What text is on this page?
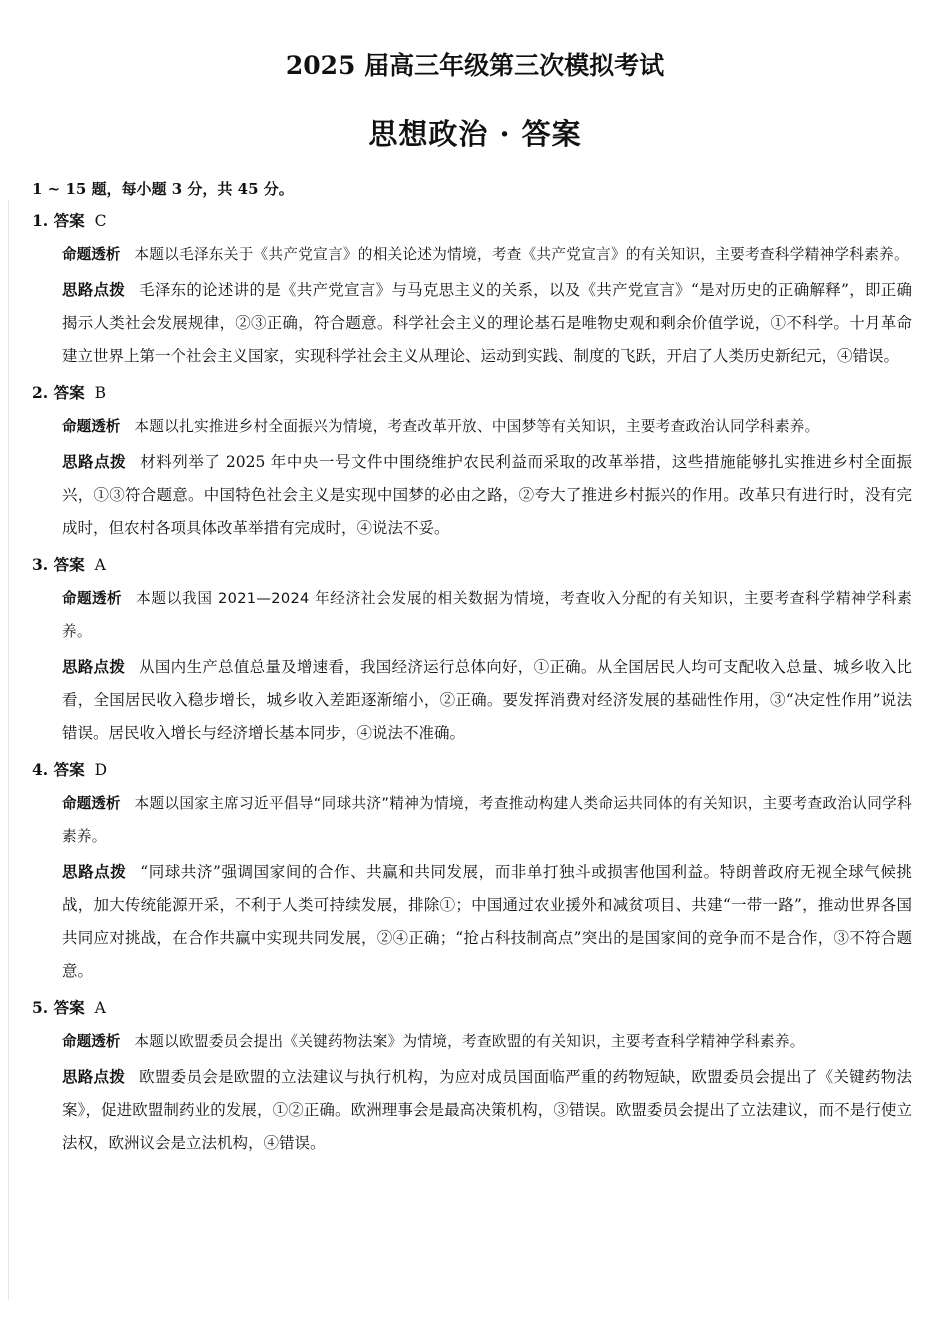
2025 届高三年级第三次模拟考试
思想政治 · 答案

1 ~ 15 题，每小题 3 分，共 45 分。

1. 答案 C

命题透析 本题以毛泽东关于《共产党宣言》的相关论述为情境，考查《共产党宣言》的有关知识，主要考查科学精神学科素养。

思路点拨 毛泽东的论述讲的是《共产党宣言》与马克思主义的关系，以及《共产党宣言》“是对历史的正确解释”，即正确揭示人类社会发展规律，②③正确，符合题意。科学社会主义的理论基石是唯物史观和剩余价值学说，①不科学。十月革命建立世界上第一个社会主义国家，实现科学社会主义从理论、运动到实践、制度的飞跃，开启了人类历史新纪元，④错误。

2. 答案 B

命题透析 本题以扎实推进乡村全面振兴为情境，考查改革开放、中国梦等有关知识，主要考查政治认同学科素养。

思路点拨 材料列举了 2025 年中央一号文件中围绕维护农民利益而采取的改革举措，这些措施能够扎实推进乡村全面振兴，①③符合题意。中国特色社会主义是实现中国梦的必由之路，②夸大了推进乡村振兴的作用。改革只有进行时，没有完成时，但农村各项具体改革举措有完成时，④说法不妥。

3. 答案 A

命题透析 本题以我国 2021—2024 年经济社会发展的相关数据为情境，考查收入分配的有关知识，主要考查科学精神学科素养。

思路点拨 从国内生产总值总量及增速看，我国经济运行总体向好，①正确。从全国居民人均可支配收入总量、城乡收入比看，全国居民收入稳步增长，城乡收入差距逐渐缩小，②正确。要发挥消费对经济发展的基础性作用，③“决定性作用”说法错误。居民收入增长与经济增长基本同步，④说法不准确。

4. 答案 D

命题透析 本题以国家主席习近平倡导“同球共济”精神为情境，考查推动构建人类命运共同体的有关知识，主要考查政治认同学科素养。

思路点拨 “同球共济”强调国家间的合作、共赢和共同发展，而非单打独斗或损害他国利益。特朗普政府无视全球气候挑战，加大传统能源开采，不利于人类可持续发展，排除①；中国通过农业援外和减贫项目、共建“一带一路”，推动世界各国共同应对挑战，在合作共赢中实现共同发展，②④正确；“抢占科技制高点”突出的是国家间的竞争而不是合作，③不符合题意。

5. 答案 A

命题透析 本题以欧盟委员会提出《关键药物法案》为情境，考查欧盟的有关知识，主要考查科学精神学科素养。

思路点拨 欧盟委员会是欧盟的立法建议与执行机构，为应对成员国面临严重的药物短缺，欧盟委员会提出了《关键药物法案》，促进欧盟制药业的发展，①②正确。欧洲理事会是最高决策机构，③错误。欧盟委员会提出了立法建议，而不是行使立法权，欧洲议会是立法机构，④错误。
